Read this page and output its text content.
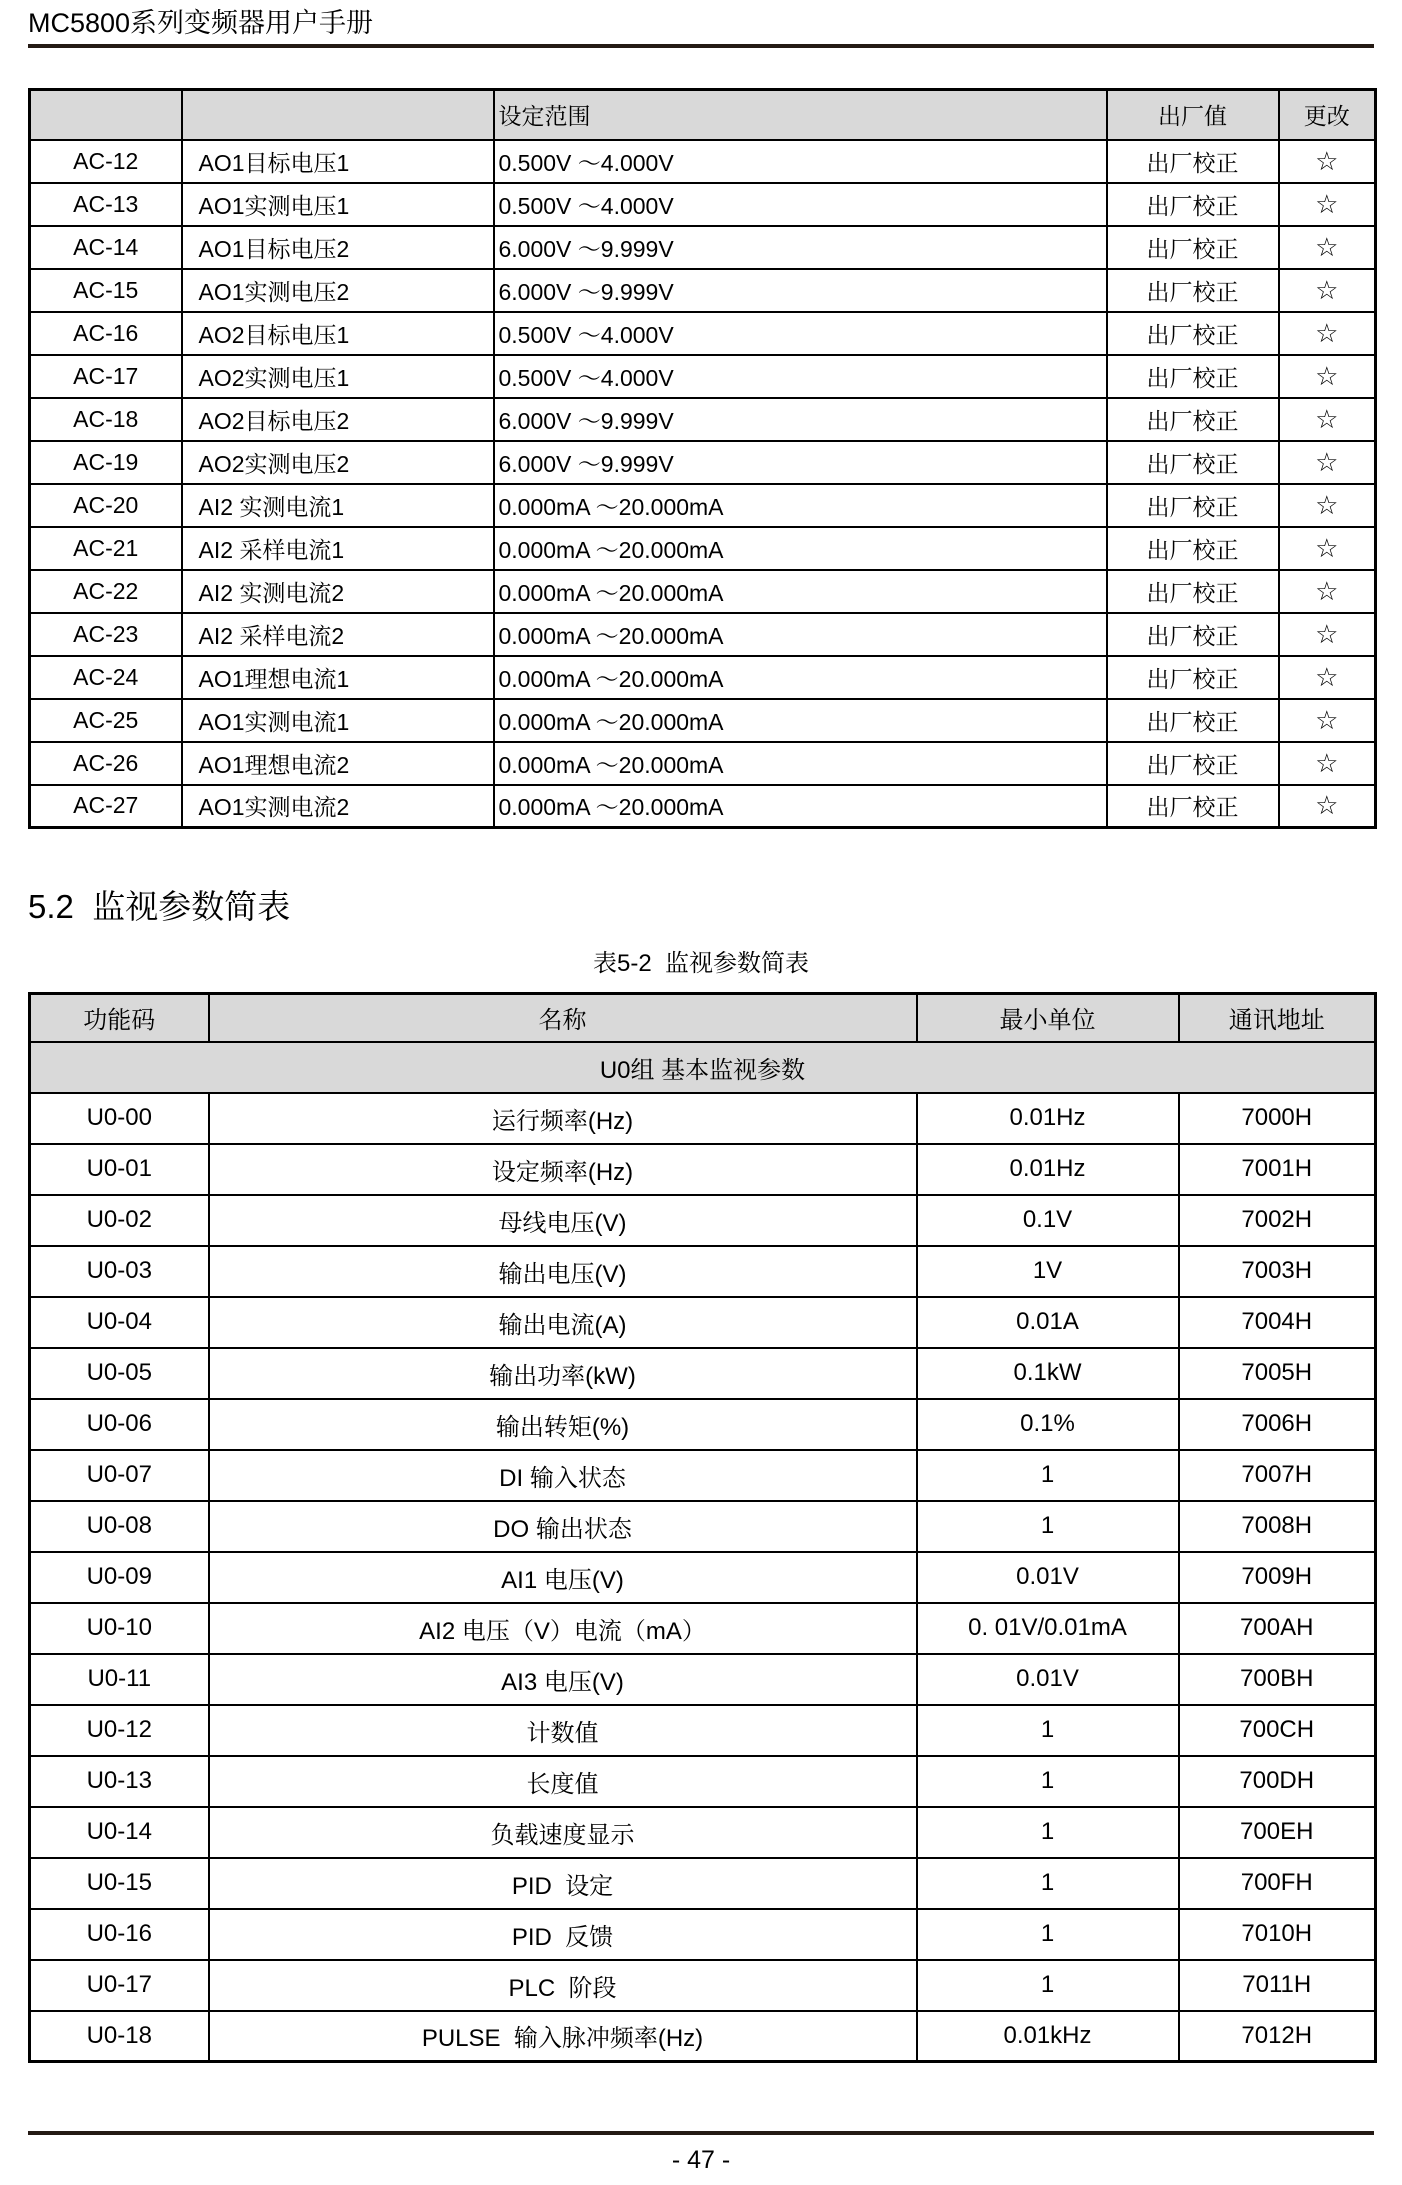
MC5800系列变频器用户手册
		设定范围	出厂值	更改
AC-12	AO1目标电压1	0.500V ～4.000V	出厂校正	☆
AC-13	AO1实测电压1	0.500V ～4.000V	出厂校正	☆
AC-14	AO1目标电压2	6.000V ～9.999V	出厂校正	☆
AC-15	AO1实测电压2	6.000V ～9.999V	出厂校正	☆
AC-16	AO2目标电压1	0.500V ～4.000V	出厂校正	☆
AC-17	AO2实测电压1	0.500V ～4.000V	出厂校正	☆
AC-18	AO2目标电压2	6.000V ～9.999V	出厂校正	☆
AC-19	AO2实测电压2	6.000V ～9.999V	出厂校正	☆
AC-20	AI2 实测电流1	0.000mA ～20.000mA	出厂校正	☆
AC-21	AI2 采样电流1	0.000mA ～20.000mA	出厂校正	☆
AC-22	AI2 实测电流2	0.000mA ～20.000mA	出厂校正	☆
AC-23	AI2 采样电流2	0.000mA ～20.000mA	出厂校正	☆
AC-24	AO1理想电流1	0.000mA ～20.000mA	出厂校正	☆
AC-25	AO1实测电流1	0.000mA ～20.000mA	出厂校正	☆
AC-26	AO1理想电流2	0.000mA ～20.000mA	出厂校正	☆
AC-27	AO1实测电流2	0.000mA ～20.000mA	出厂校正	☆
5.2  监视参数简表
表5-2  监视参数简表
功能码	名称	最小单位	通讯地址
U0组 基本监视参数			
U0-00	运行频率(Hz)	0.01Hz	7000H
U0-01	设定频率(Hz)	0.01Hz	7001H
U0-02	母线电压(V)	0.1V	7002H
U0-03	输出电压(V)	1V	7003H
U0-04	输出电流(A)	0.01A	7004H
U0-05	输出功率(kW)	0.1kW	7005H
U0-06	输出转矩(%)	0.1%	7006H
U0-07	DI 输入状态	1	7007H
U0-08	DO 输出状态	1	7008H
U0-09	AI1 电压(V)	0.01V	7009H
U0-10	AI2 电压（V）电流（mA）	0. 01V/0.01mA	700AH
U0-11	AI3 电压(V)	0.01V	700BH
U0-12	计数值	1	700CH
U0-13	长度值	1	700DH
U0-14	负载速度显示	1	700EH
U0-15	PID  设定	1	700FH
U0-16	PID  反馈	1	7010H
U0-17	PLC  阶段	1	7011H
U0-18	PULSE  输入脉冲频率(Hz)	0.01kHz	7012H
- 47 -
